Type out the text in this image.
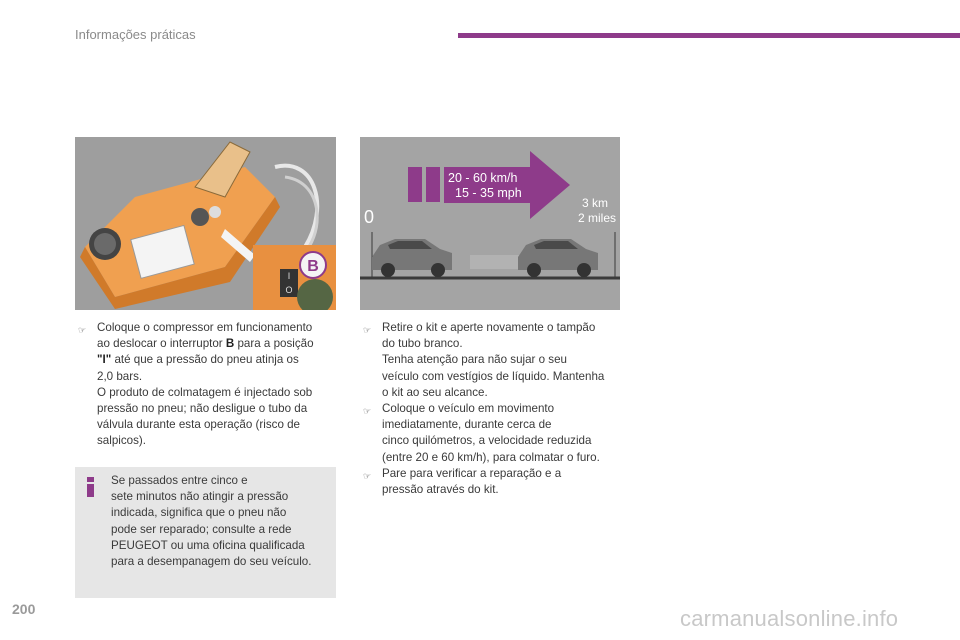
Informações práticas
I
O
B
20 - 60 km/h
15 - 35 mph
0
3 km
2 miles
☞ Coloque o compressor em funcionamento
ao deslocar o interruptor B para a posição
"I" até que a pressão do pneu atinja os
2,0 bars.
O produto de colmatagem é injectado sob
pressão no pneu; não desligue o tubo da
válvula durante esta operação (risco de
salpicos).

Se passados entre cinco e
sete minutos não atingir a pressão
indicada, significa que o pneu não
pode ser reparado; consulte a rede
PEUGEOT ou uma oficina qualificada
para a desempanagem do seu veículo.

☞ Retire o kit e aperte novamente o tampão
do tubo branco.
Tenha atenção para não sujar o seu
veículo com vestígios de líquido. Mantenha
o kit ao seu alcance.

☞ Coloque o veículo em movimento
imediatamente, durante cerca de
cinco quilómetros, a velocidade reduzida
(entre 20 e 60 km/h), para colmatar o furo.

☞ Pare para verificar a reparação e a
pressão através do kit.

200	carmanualsonline.info
